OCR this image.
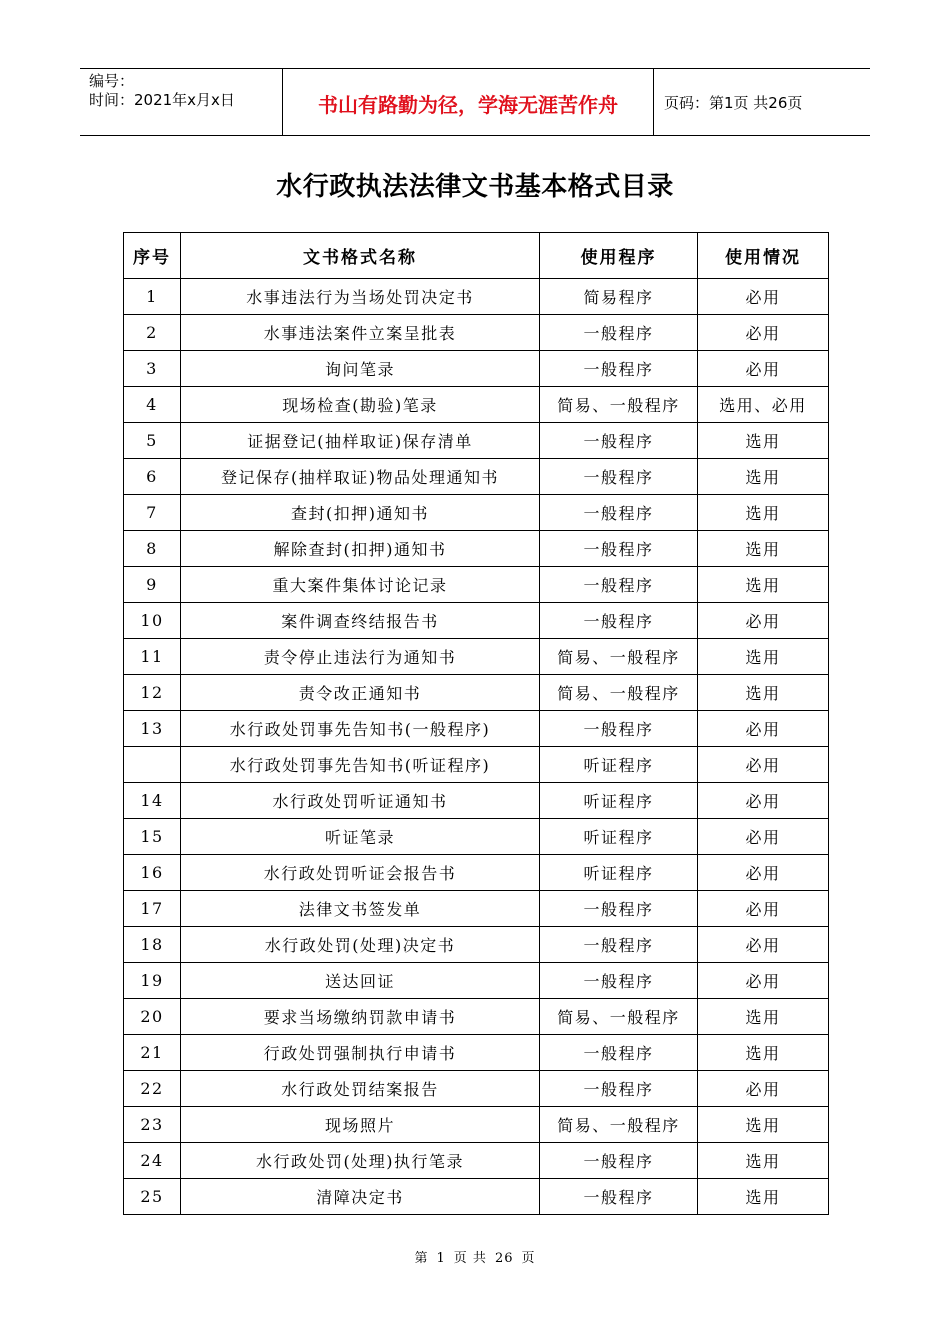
编号：
时间：2021年x月x日	书山有路勤为径，学海无涯苦作舟	页码：第1页 共26页
水行政执法法律文书基本格式目录
序号	文书格式名称	使用程序	使用情况
1	水事违法行为当场处罚决定书	简易程序	必用
2	水事违法案件立案呈批表	一般程序	必用
3	询问笔录	一般程序	必用
4	现场检查(勘验)笔录	简易、一般程序	选用、必用
5	证据登记(抽样取证)保存清单	一般程序	选用
6	登记保存(抽样取证)物品处理通知书	一般程序	选用
7	查封(扣押)通知书	一般程序	选用
8	解除查封(扣押)通知书	一般程序	选用
9	重大案件集体讨论记录	一般程序	选用
10	案件调查终结报告书	一般程序	必用
11	责令停止违法行为通知书	简易、一般程序	选用
12	责令改正通知书	简易、一般程序	选用
13	水行政处罚事先告知书(一般程序)	一般程序	必用
	水行政处罚事先告知书(听证程序)	听证程序	必用
14	水行政处罚听证通知书	听证程序	必用
15	听证笔录	听证程序	必用
16	水行政处罚听证会报告书	听证程序	必用
17	法律文书签发单	一般程序	必用
18	水行政处罚(处理)决定书	一般程序	必用
19	送达回证	一般程序	必用
20	要求当场缴纳罚款申请书	简易、一般程序	选用
21	行政处罚强制执行申请书	一般程序	选用
22	水行政处罚结案报告	一般程序	必用
23	现场照片	简易、一般程序	选用
24	水行政处罚(处理)执行笔录	一般程序	选用
25	清障决定书	一般程序	选用
第 1 页 共 26 页
